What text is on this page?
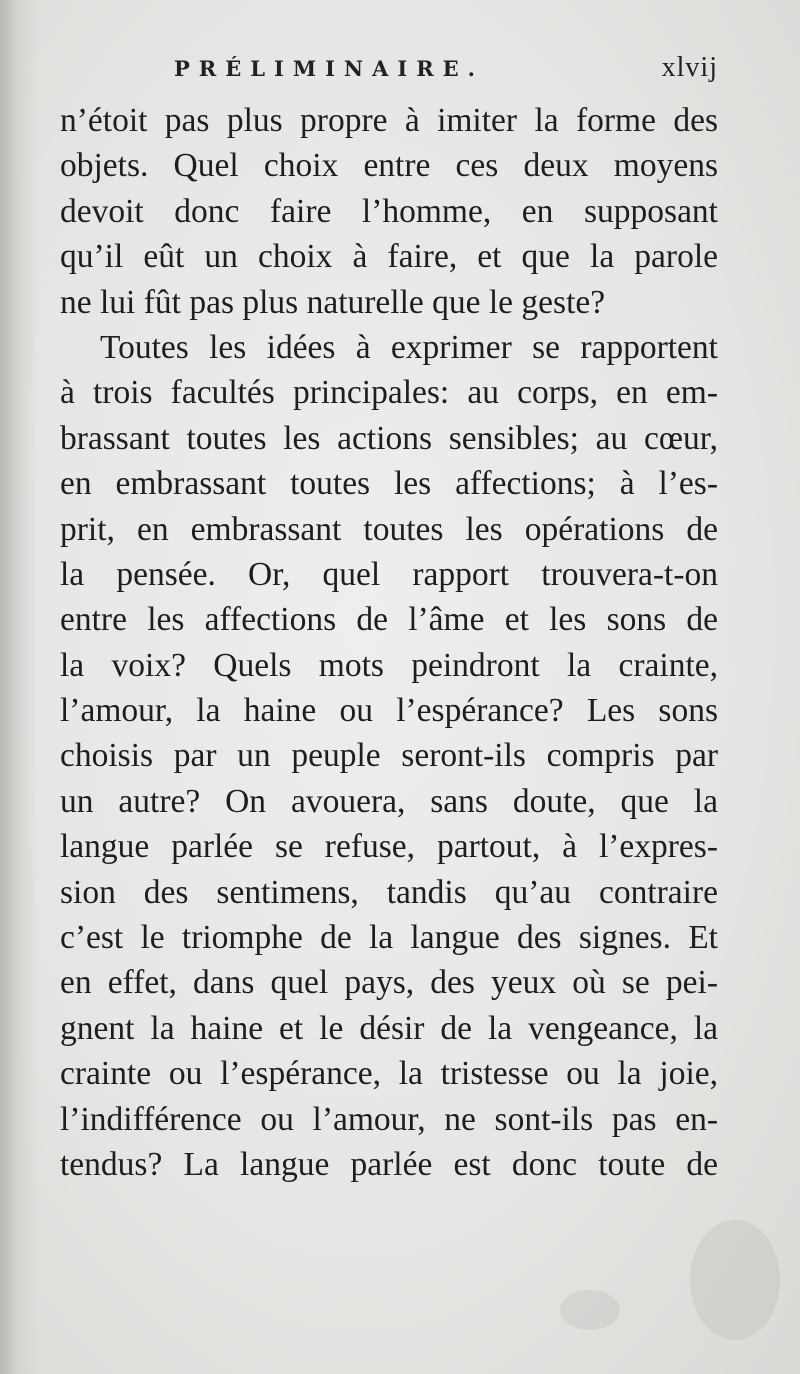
PRÉLIMINAIRE.	xlvij
n’étoit pas plus propre à imiter la forme des
objets. Quel choix entre ces deux moyens
devoit donc faire l’homme, en supposant
qu’il eût un choix à faire, et que la parole
ne lui fût pas plus naturelle que le geste?
Toutes les idées à exprimer se rapportent
à trois facultés principales: au corps, en em-
brassant toutes les actions sensibles; au cœur,
en embrassant toutes les affections; à l’es-
prit, en embrassant toutes les opérations de
la pensée. Or, quel rapport trouvera-t-on
entre les affections de l’âme et les sons de
la voix? Quels mots peindront la crainte,
l’amour, la haine ou l’espérance? Les sons
choisis par un peuple seront-ils compris par
un autre? On avouera, sans doute, que la
langue parlée se refuse, partout, à l’expres-
sion des sentimens, tandis qu’au contraire
c’est le triomphe de la langue des signes. Et
en effet, dans quel pays, des yeux où se pei-
gnent la haine et le désir de la vengeance, la
crainte ou l’espérance, la tristesse ou la joie,
l’indifférence ou l’amour, ne sont-ils pas en-
tendus? La langue parlée est donc toute de
